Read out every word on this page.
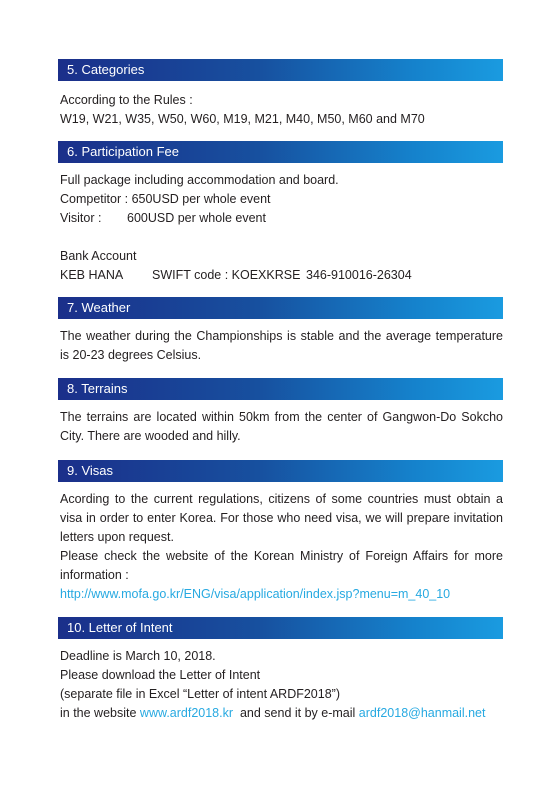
5. Categories

According to the Rules :

W19, W21, W35, W50, W60, M19, M21, M40, M50, M60 and M70

6. Participation Fee

Full package including accommodation and board.

Competitor : 650USD per whole event

Visitor : 600USD per whole event

Bank Account

KEB HANA SWIFT code : KOEXKRSE 346-910016-26304

7. Weather

The weather during the Championships is stable and the average temperature is 20-23 degrees Celsius.

8. Terrains

The terrains are located within 50km from the center of Gangwon-Do Sokcho City. There are wooded and hilly.

9. Visas

Acording to the current regulations, citizens of some countries must obtain a visa in order to enter Korea. For those who need visa, we will prepare invitation letters upon request.

Please check the website of the Korean Ministry of Foreign Affairs for more information :

http://www.mofa.go.kr/ENG/visa/application/index.jsp?menu=m_40_10

10. Letter of Intent

Deadline is March 10, 2018.

Please download the Letter of Intent

(separate file in Excel “Letter of intent ARDF2018”)

in the website www.ardf2018.kr  and send it by e-mail ardf2018@hanmail.net
